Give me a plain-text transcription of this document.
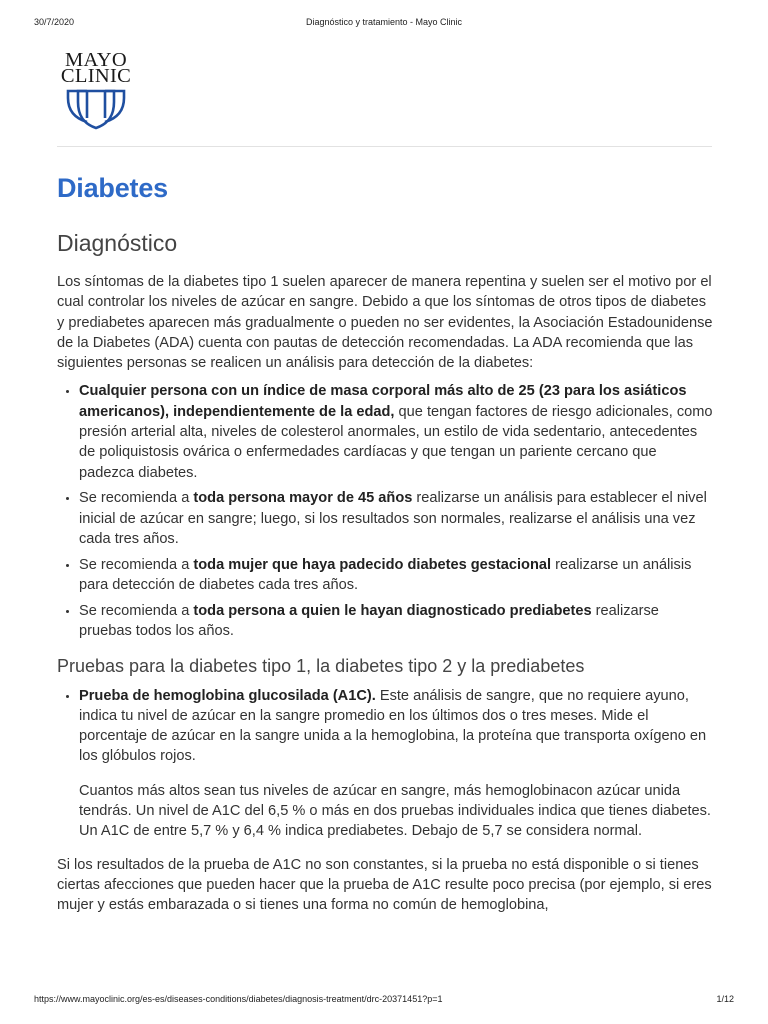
30/7/2020	Diagnóstico y tratamiento - Mayo Clinic
MAYO
CLINIC
Diabetes
Diagnóstico

Los síntomas de la diabetes tipo 1 suelen aparecer de manera repentina y suelen ser el motivo por el cual controlar los niveles de azúcar en sangre. Debido a que los síntomas de otros tipos de diabetes y prediabetes aparecen más gradualmente o pueden no ser evidentes, la Asociación Estadounidense de la Diabetes (ADA) cuenta con pautas de detección recomendadas. La ADA recomienda que las siguientes personas se realicen un análisis para detección de la diabetes:

• Cualquier persona con un índice de masa corporal más alto de 25 (23 para los asiáticos americanos), independientemente de la edad, que tengan factores de riesgo adicionales, como presión arterial alta, niveles de colesterol anormales, un estilo de vida sedentario, antecedentes de poliquistosis ovárica o enfermedades cardíacas y que tengan un pariente cercano que padezca diabetes.
• Se recomienda a toda persona mayor de 45 años realizarse un análisis para establecer el nivel inicial de azúcar en sangre; luego, si los resultados son normales, realizarse el análisis una vez cada tres años.
• Se recomienda a toda mujer que haya padecido diabetes gestacional realizarse un análisis para detección de diabetes cada tres años.
• Se recomienda a toda persona a quien le hayan diagnosticado prediabetes realizarse pruebas todos los años.
Pruebas para la diabetes tipo 1, la diabetes tipo 2 y la prediabetes
• Prueba de hemoglobina glucosilada (A1C). Este análisis de sangre, que no requiere ayuno, indica tu nivel de azúcar en la sangre promedio en los últimos dos o tres meses. Mide el porcentaje de azúcar en la sangre unida a la hemoglobina, la proteína que transporta oxígeno en los glóbulos rojos.

Cuantos más altos sean tus niveles de azúcar en sangre, más hemoglobinacon azúcar unida tendrás. Un nivel de A1C del 6,5 % o más en dos pruebas individuales indica que tienes diabetes. Un A1C de entre 5,7 % y 6,4 % indica prediabetes. Debajo de 5,7 se considera normal.

Si los resultados de la prueba de A1C no son constantes, si la prueba no está disponible o si tienes ciertas afecciones que pueden hacer que la prueba de A1C resulte poco precisa (por ejemplo, si eres mujer y estás embarazada o si tienes una forma no común de hemoglobina,

https://www.mayoclinic.org/es-es/diseases-conditions/diabetes/diagnosis-treatment/drc-20371451?p=1	1/12
